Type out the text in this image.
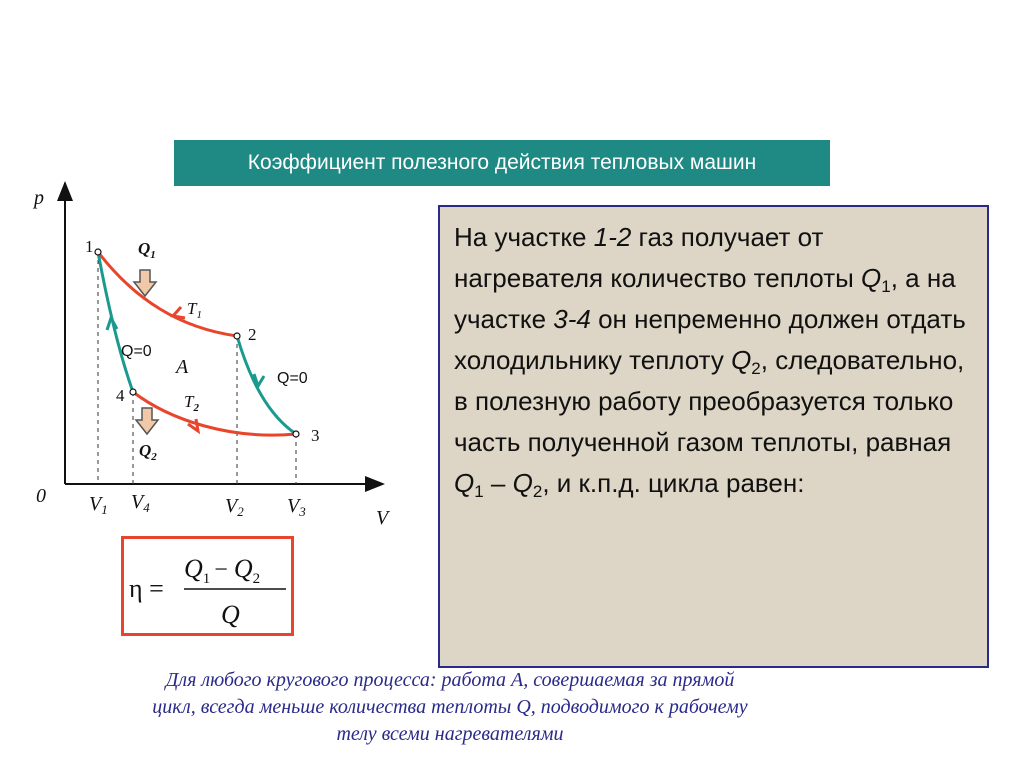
Коэффициент полезного действия тепловых машин
p
V
0
1
2
3
4
$V_1$ $V_4$	$V_2$ $V_3$
$T_1$
$T_2$
$Q_1$
$Q_2$
Q=0
Q=0
A
η =
$Q_1 - Q_2$
Q
На участке 1-2 газ получает от нагревателя количество теплоты $Q_1$, а на участке 3-4 он непременно должен отдать холодильнику теплоту $Q_2$, следовательно, в полезную работу преобразуется только часть полученной газом теплоты, равная $Q_1 - Q_2$, и к.п.д. цикла равен:
Для любого кругового процесса: работа A, совершаемая за прямой
цикл, всегда меньше количества теплоты Q, подводимого к рабочему
телу всеми нагревателями
